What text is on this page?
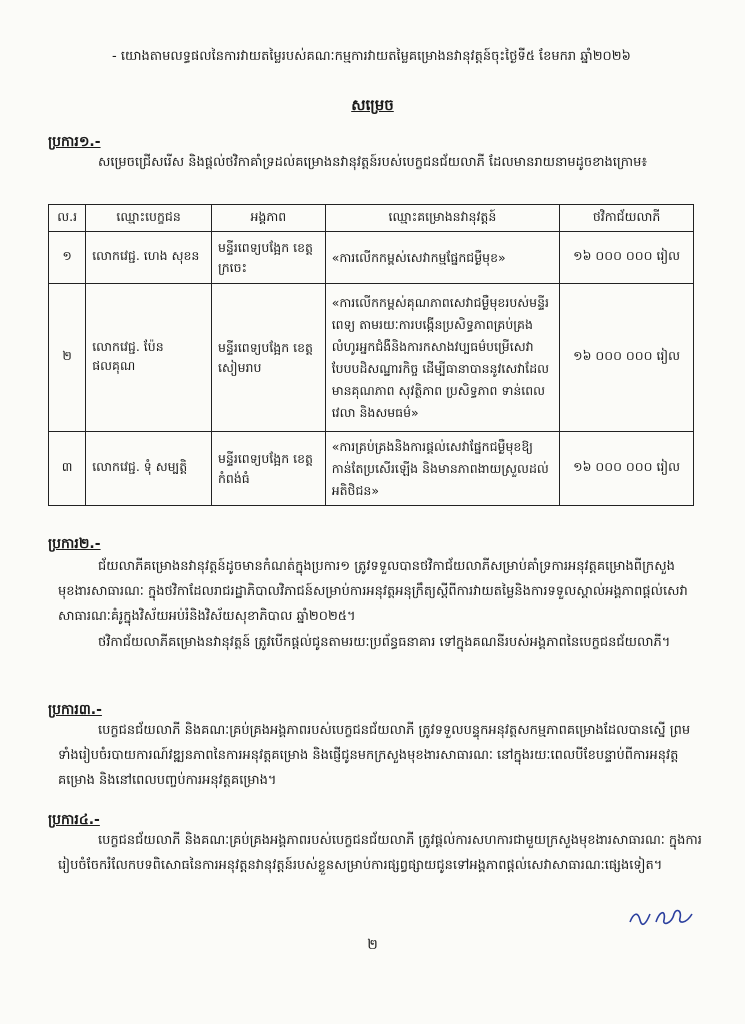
- យោងតាមលទ្ធផលនៃការវាយតម្លៃរបស់គណៈកម្មការវាយតម្លៃគម្រោងនវានុវត្តន៍ចុះថ្ងៃទី៥ ខែមករា ឆ្នាំ២០២៦
សម្រេច
ប្រការ១.-
សម្រេចជ្រើសរើស និងផ្តល់ថវិកាគាំទ្រដល់គម្រោងនវានុវត្តន៍របស់បេក្ខជនជ័យលាភី ដែលមានរាយនាមដូចខាងក្រោម៖
ល.រ	ឈ្មោះបេក្ខជន	អង្គភាព	ឈ្មោះគម្រោងនវានុវត្តន៍	ថវិកាជ័យលាភី
១	លោកវេជ្ជ. ហេង សុខន	មន្ទីរពេទ្យបង្អែក ខេត្តក្រចេះ	«ការលើកកម្ពស់សេវាកម្មផ្នែកជម្ងឺមុខ»	១៦ ០០០ ០០០ រៀល
២	លោកវេជ្ជ. ប៉ែន ផលគុណ	មន្ទីរពេទ្យបង្អែក ខេត្តសៀមរាប	«ការលើកកម្ពស់គុណភាពសេវាជម្ងឺមុខរបស់មន្ទីរពេទ្យ តាមរយៈការបង្កើនប្រសិទ្ធភាពគ្រប់គ្រងលំហូរអ្នកជំងឺនិងការកសាងវប្បធម៌បម្រើសេវាបែបបដិសណ្ឋារកិច្ច ដើម្បីធានាបាននូវសេវាដែលមានគុណភាព សុវត្ថិភាព ប្រសិទ្ធភាព ទាន់ពេលវេលា និងសមធម៌»	១៦ ០០០ ០០០ រៀល
៣	លោកវេជ្ជ. ទុំ សម្បត្តិ	មន្ទីរពេទ្យបង្អែក ខេត្តកំពង់ធំ	«ការគ្រប់គ្រងនិងការផ្តល់សេវាផ្នែកជម្ងឺមុខឱ្យកាន់តែប្រសើរឡើង និងមានភាពងាយស្រួលដល់អតិថិជន»	១៦ ០០០ ០០០ រៀល
ប្រការ២.-
ជ័យលាភីគម្រោងនវានុវត្តន៍ដូចមានកំណត់ក្នុងប្រការ១ ត្រូវទទួលបានថវិកាជ័យលាភីសម្រាប់គាំទ្រការអនុវត្តគម្រោងពីក្រសួងមុខងារសាធារណៈ ក្នុងថវិកាដែលរាជរដ្ឋាភិបាលវិភាជន៍សម្រាប់ការអនុវត្តអនុក្រឹត្យស្តីពីការវាយតម្លៃនិងការទទួលស្គាល់អង្គភាពផ្តល់សេវាសាធារណៈគំរូក្នុងវិស័យអប់រំនិងវិស័យសុខាភិបាល ឆ្នាំ២០២៥។
ថវិកាជ័យលាភីគម្រោងនវានុវត្តន៍ ត្រូវបើកផ្តល់ជូនតាមរយៈប្រព័ន្ធធនាគារ ទៅក្នុងគណនីរបស់អង្គភាពនៃបេក្ខជនជ័យលាភី។
ប្រការ៣.-
បេក្ខជនជ័យលាភី និងគណៈគ្រប់គ្រងអង្គភាពរបស់បេក្ខជនជ័យលាភី ត្រូវទទួលបន្ទុកអនុវត្តសកម្មភាពគម្រោងដែលបានស្នើ ព្រមទាំងរៀបចំរបាយការណ៍វឌ្ឍនភាពនៃការអនុវត្តគម្រោង និងផ្ញើជូនមកក្រសួងមុខងារសាធារណៈ នៅក្នុងរយៈពេលបីខែបន្ទាប់ពីការអនុវត្តគម្រោង និងនៅពេលបញ្ចប់ការអនុវត្តគម្រោង។
ប្រការ៤.-
បេក្ខជនជ័យលាភី និងគណៈគ្រប់គ្រងអង្គភាពរបស់បេក្ខជនជ័យលាភី ត្រូវផ្តល់ការសហការជាមួយក្រសួងមុខងារសាធារណៈ ក្នុងការរៀបចំចែករំលែកបទពិសោធនៃការអនុវត្តនវានុវត្តន៍របស់ខ្លួនសម្រាប់ការផ្សព្វផ្សាយជូនទៅអង្គភាពផ្តល់សេវាសាធារណៈផ្សេងទៀត។
២
